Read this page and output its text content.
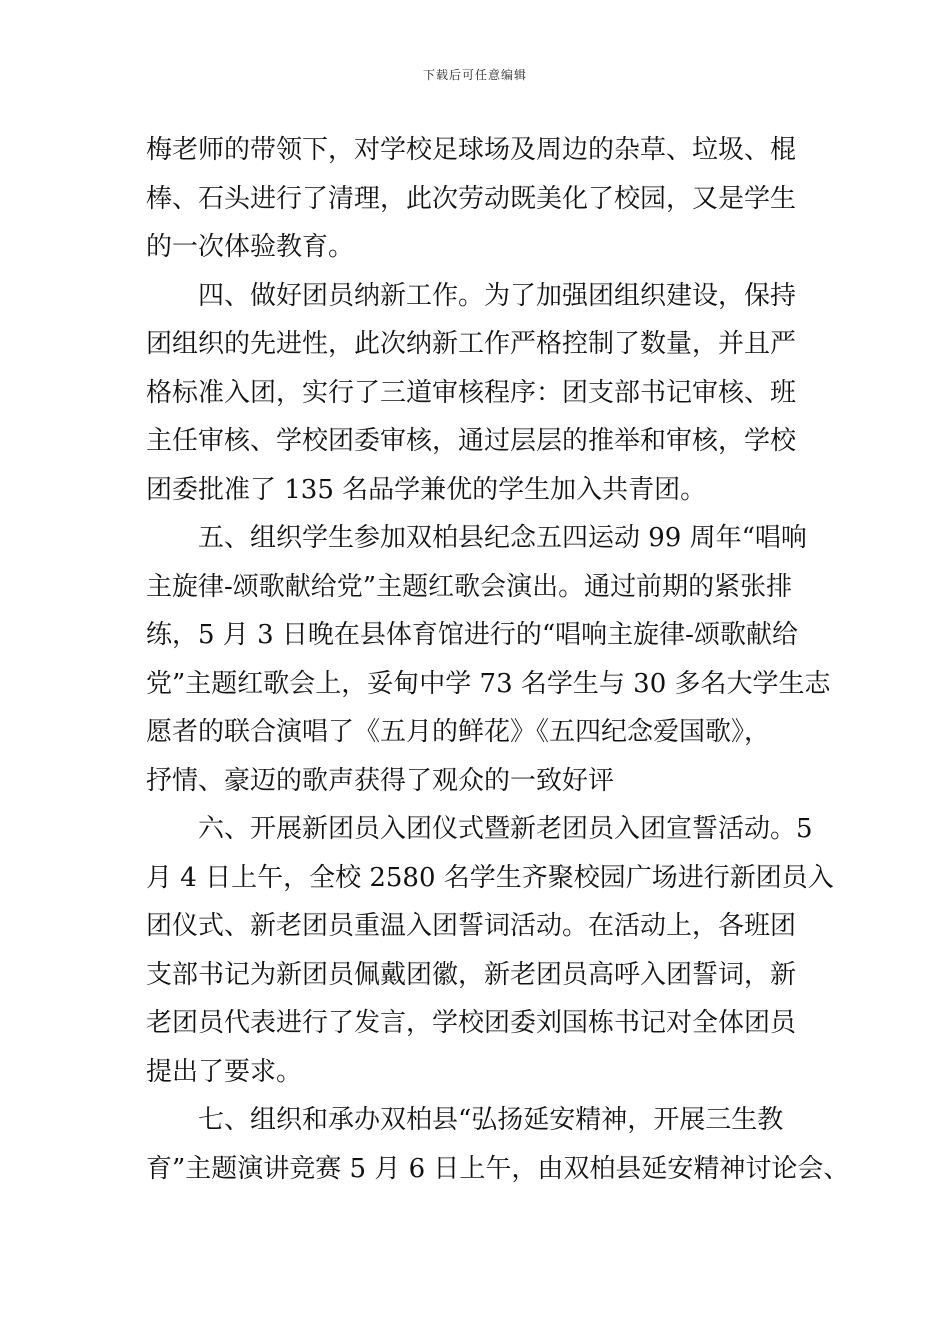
下载后可任意编辑
梅老师的带领下，对学校足球场及周边的杂草、垃圾、棍
棒、石头进行了清理，此次劳动既美化了校园，又是学生
的一次体验教育。
　　四、做好团员纳新工作。为了加强团组织建设，保持
团组织的先进性，此次纳新工作严格控制了数量，并且严
格标准入团，实行了三道审核程序：团支部书记审核、班
主任审核、学校团委审核，通过层层的推举和审核，学校
团委批准了 135 名品学兼优的学生加入共青团。
　　五、组织学生参加双柏县纪念五四运动 99 周年“唱响
主旋律-颂歌献给党”主题红歌会演出。通过前期的紧张排
练，5 月 3 日晚在县体育馆进行的“唱响主旋律-颂歌献给
党”主题红歌会上，妥甸中学 73 名学生与 30 多名大学生志
愿者的联合演唱了《五月的鲜花》《五四纪念爱国歌》，
抒情、豪迈的歌声获得了观众的一致好评
　　六、开展新团员入团仪式暨新老团员入团宣誓活动。5
月 4 日上午，全校 2580 名学生齐聚校园广场进行新团员入
团仪式、新老团员重温入团誓词活动。在活动上，各班团
支部书记为新团员佩戴团徽，新老团员高呼入团誓词，新
老团员代表进行了发言，学校团委刘国栋书记对全体团员
提出了要求。
　　七、组织和承办双柏县“弘扬延安精神，开展三生教
育”主题演讲竞赛 5 月 6 日上午，由双柏县延安精神讨论会、
